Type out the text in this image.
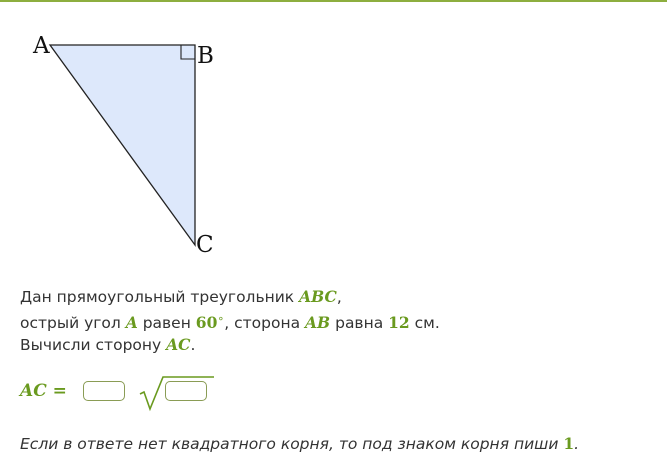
A	B
C
Дан прямоугольный треугольник ABC,
острый угол A равен 60∘, сторона AB равна 12 см.
Вычисли сторону AC.
AC =
Если в ответе нет квадратного корня, то под знаком корня пиши 1.
